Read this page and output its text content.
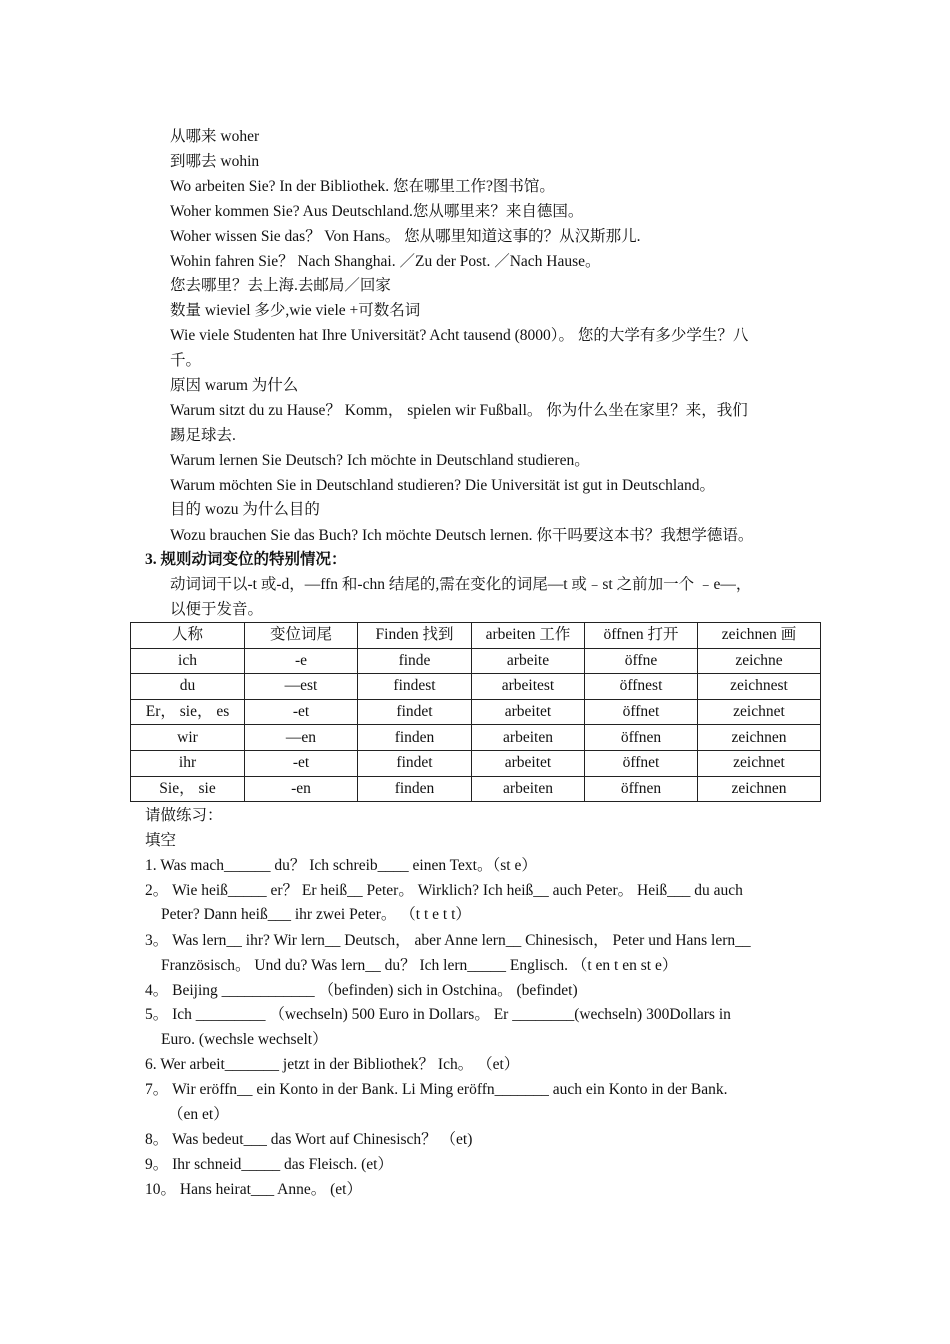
从哪来 woher
到哪去 wohin
Wo arbeiten Sie? In der Bibliothek. 您在哪里工作?图书馆。
Woher kommen Sie? Aus Deutschland.您从哪里来？来自德国。
Woher wissen Sie das？ Von Hans。 您从哪里知道这事的？从汉斯那儿.
Wohin fahren Sie？ Nach Shanghai. ／Zu der Post. ／Nach Hause。
您去哪里？去上海.去邮局／回家
数量 wieviel 多少,wie viele +可数名词
Wie viele Studenten hat Ihre Universität? Acht tausend (8000）。 您的大学有多少学生？八
千。
原因 warum 为什么
Warum sitzt du zu Hause？ Komm， spielen wir Fußball。 你为什么坐在家里？来，我们
踢足球去.
Warum lernen Sie Deutsch? Ich möchte in Deutschland studieren。
Warum möchten Sie in Deutschland studieren? Die Universität ist gut in Deutschland。
目的 wozu 为什么目的
Wozu brauchen Sie das Buch? Ich möchte Deutsch lernen. 你干吗要这本书？我想学德语。
3. 规则动词变位的特别情况：
动词词干以-t 或-d，—ffn 和-chn 结尾的,需在变化的词尾—t 或﹣st 之前加一个 ﹣e—，
以便于发音。
人称	变位词尾	Finden 找到	arbeiten 工作	öffnen 打开	zeichnen 画
ich	-e	finde	arbeite	öffne	zeichne
du	—est	findest	arbeitest	öffnest	zeichnest
Er， sie， es	-et	findet	arbeitet	öffnet	zeichnet
wir	—en	finden	arbeiten	öffnen	zeichnen
ihr	-et	findet	arbeitet	öffnet	zeichnet
Sie， sie	-en	finden	arbeiten	öffnen	zeichnen
请做练习：
填空
1. Was mach______ du？ Ich schreib____ einen Text。（st e）
2。 Wie heiß_____ er？ Er heiß__ Peter。 Wirklich? Ich heiß__ auch Peter。 Heiß___ du auch
Peter? Dann heiß___ ihr zwei Peter。 （t t e t t）
3。 Was lern__ ihr? Wir lern__ Deutsch， aber Anne lern__ Chinesisch， Peter und Hans lern__
Französisch。 Und du? Was lern__ du？ Ich lern_____ Englisch. （t en t en st e）
4。 Beijing ____________ （befinden) sich in Ostchina。 (befindet)
5。 Ich _________ （wechseln) 500 Euro in Dollars。 Er ________(wechseln) 300Dollars in
Euro. (wechsle wechselt）
6. Wer arbeit_______ jetzt in der Bibliothek？ Ich。 （et）
7。 Wir eröffn__ ein Konto in der Bank. Li Ming eröffn_______ auch ein Konto in der Bank.
（en et）
8。 Was bedeut___ das Wort auf Chinesisch？ （et)
9。 Ihr schneid_____ das Fleisch. (et）
10。 Hans heirat___ Anne。 (et）
